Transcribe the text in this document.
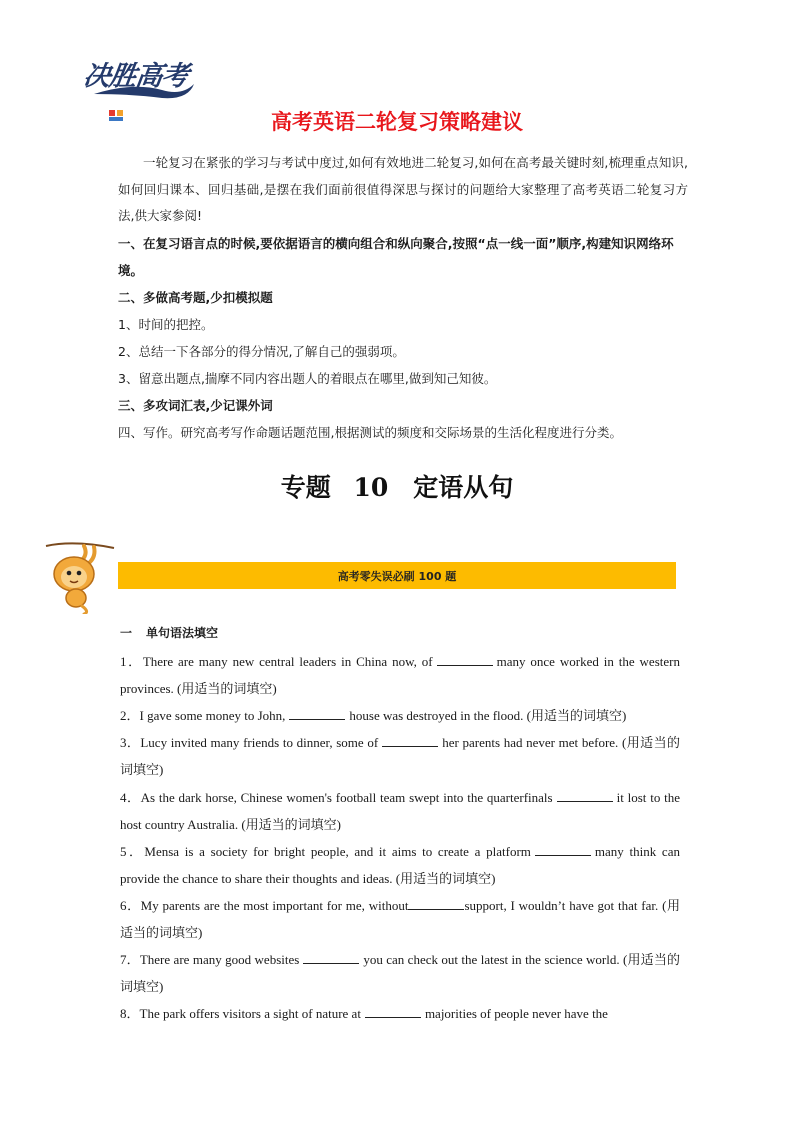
决胜高考
高考英语二轮复习策略建议
一轮复习在紧张的学习与考试中度过,如何有效地进二轮复习,如何在高考最关键时刻,梳理重点知识,如何回归课本、回归基础,是摆在我们面前很值得深思与探讨的问题给大家整理了高考英语二轮复习方法,供大家参阅!
一、在复习语言点的时候,要依据语言的横向组合和纵向聚合,按照“点一线一面”顺序,构建知识网络环境。
二、多做高考题,少扣模拟题
1、时间的把控。
2、总结一下各部分的得分情况,了解自己的强弱项。
3、留意出题点,揣摩不同内容出题人的着眼点在哪里,做到知己知彼。
三、多攻词汇表,少记课外词
四、写作。研究高考写作命题话题范围,根据测试的频度和交际场景的生活化程度进行分类。
专题 10　定语从句
高考零失误必刷 100 题
一 单句语法填空
1．There are many new central leaders in China now, of	many once worked in the western provinces. (用适当的词填空)
2．I gave some money to John,	house was destroyed in the flood. (用适当的词填空)
3．Lucy invited many friends to dinner, some of	her parents had never met before. (用适当的词填空)
4．As the dark horse, Chinese women's football team swept into the quarterfinals	it lost to the host country Australia. (用适当的词填空)
5．Mensa is a society for bright people, and it aims to create a platform	many think can provide the chance to share their thoughts and ideas. (用适当的词填空)
6．My parents are the most important for me, without	support, I wouldn’t have got that far. (用适当的词填空)
7．There are many good websites	you can check out the latest in the science world. (用适当的词填空)
8．The park offers visitors a sight of nature at	majorities of people never have the
